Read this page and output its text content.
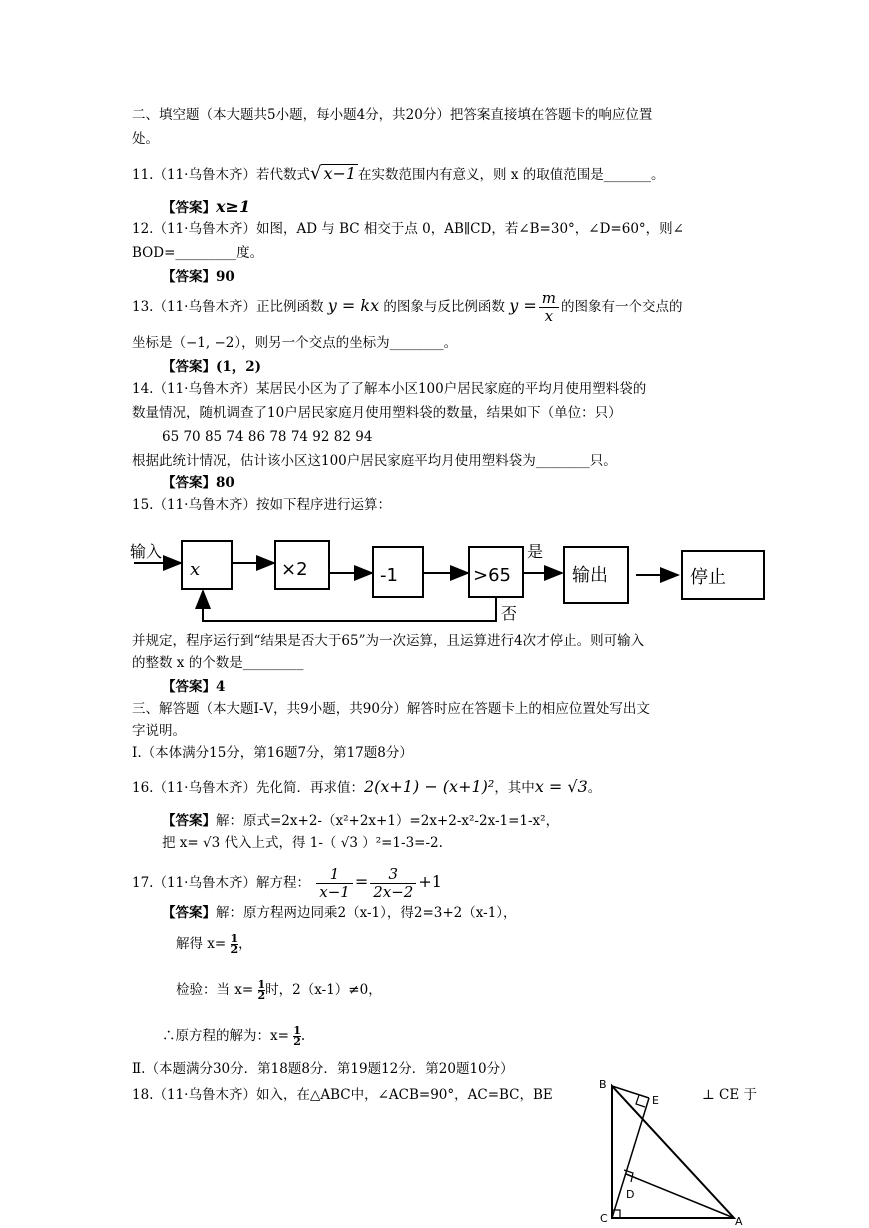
二、填空题（本大题共5小题，每小题4分，共20分）把答案直接填在答题卡的响应位置
处。
11.（11·乌鲁木齐）若代数式√ x−1 在实数范围内有意义，则 x 的取值范围是_______。
【答案】x≥1
12.（11·乌鲁木齐）如图，AD 与 BC 相交于点 0，AB∥CD，若∠B=30°，∠D=60°，则∠
BOD=_________度。
【答案】90
13.（11·乌鲁木齐）正比例函数 y = kx 的图象与反比例函数 $y = \frac{m}{x}$ 的图象有一个交点的
坐标是（−1, −2），则另一个交点的坐标为________。
【答案】(1，2)
14.（11·乌鲁木齐）某居民小区为了了解本小区100户居民家庭的平均月使用塑料袋的
数量情况，随机调查了10户居民家庭月使用塑料袋的数量，结果如下（单位：只）
65 70 85 74 86 78 74 92 82 94
根据此统计情况，估计该小区这100户居民家庭平均月使用塑料袋为________只。
【答案】80
15.（11·乌鲁木齐）按如下程序进行运算：
输入
x	×2	-1	>65
是
输出	停止
否
并规定，程序运行到“结果是否大于65”为一次运算，且运算进行4次才停止。则可输入
的整数 x 的个数是_________
【答案】4
三、解答题（本大题Ⅰ-Ⅴ，共9小题，共90分）解答时应在答题卡上的相应位置处写出文
字说明。
Ⅰ.（本体满分15分，第16题7分，第17题8分）
16.（11·乌鲁木齐）先化简．再求值：2(x+1) − (x+1)²，其中x = √3。
【答案】解：原式=2x+2-（x²+2x+1）=2x+2-x²-2x-1=1-x²，
把 x= √3 代入上式，得 1-（ √3 ）²=1-3=-2.
17.（11·乌鲁木齐）解方程： $\frac{1}{x-1} = \frac{3}{2x-2} +1$
【答案】解：原方程两边同乘2（x-1），得2=3+2（x-1），
解得 $x= \frac{1}{2}$ ，
检验：当 $x= \frac{1}{2}$ 时，2（x-1）≠0，
∴原方程的解为：$x= \frac{1}{2}$ .
Ⅱ.（本题满分30分．第18题8分．第19题12分．第20题10分）
18.（11·乌鲁木齐）如入，在△ABC中，∠ACB=90°，AC=BC，BE	⊥ CE 于
B
E
D
C	A
